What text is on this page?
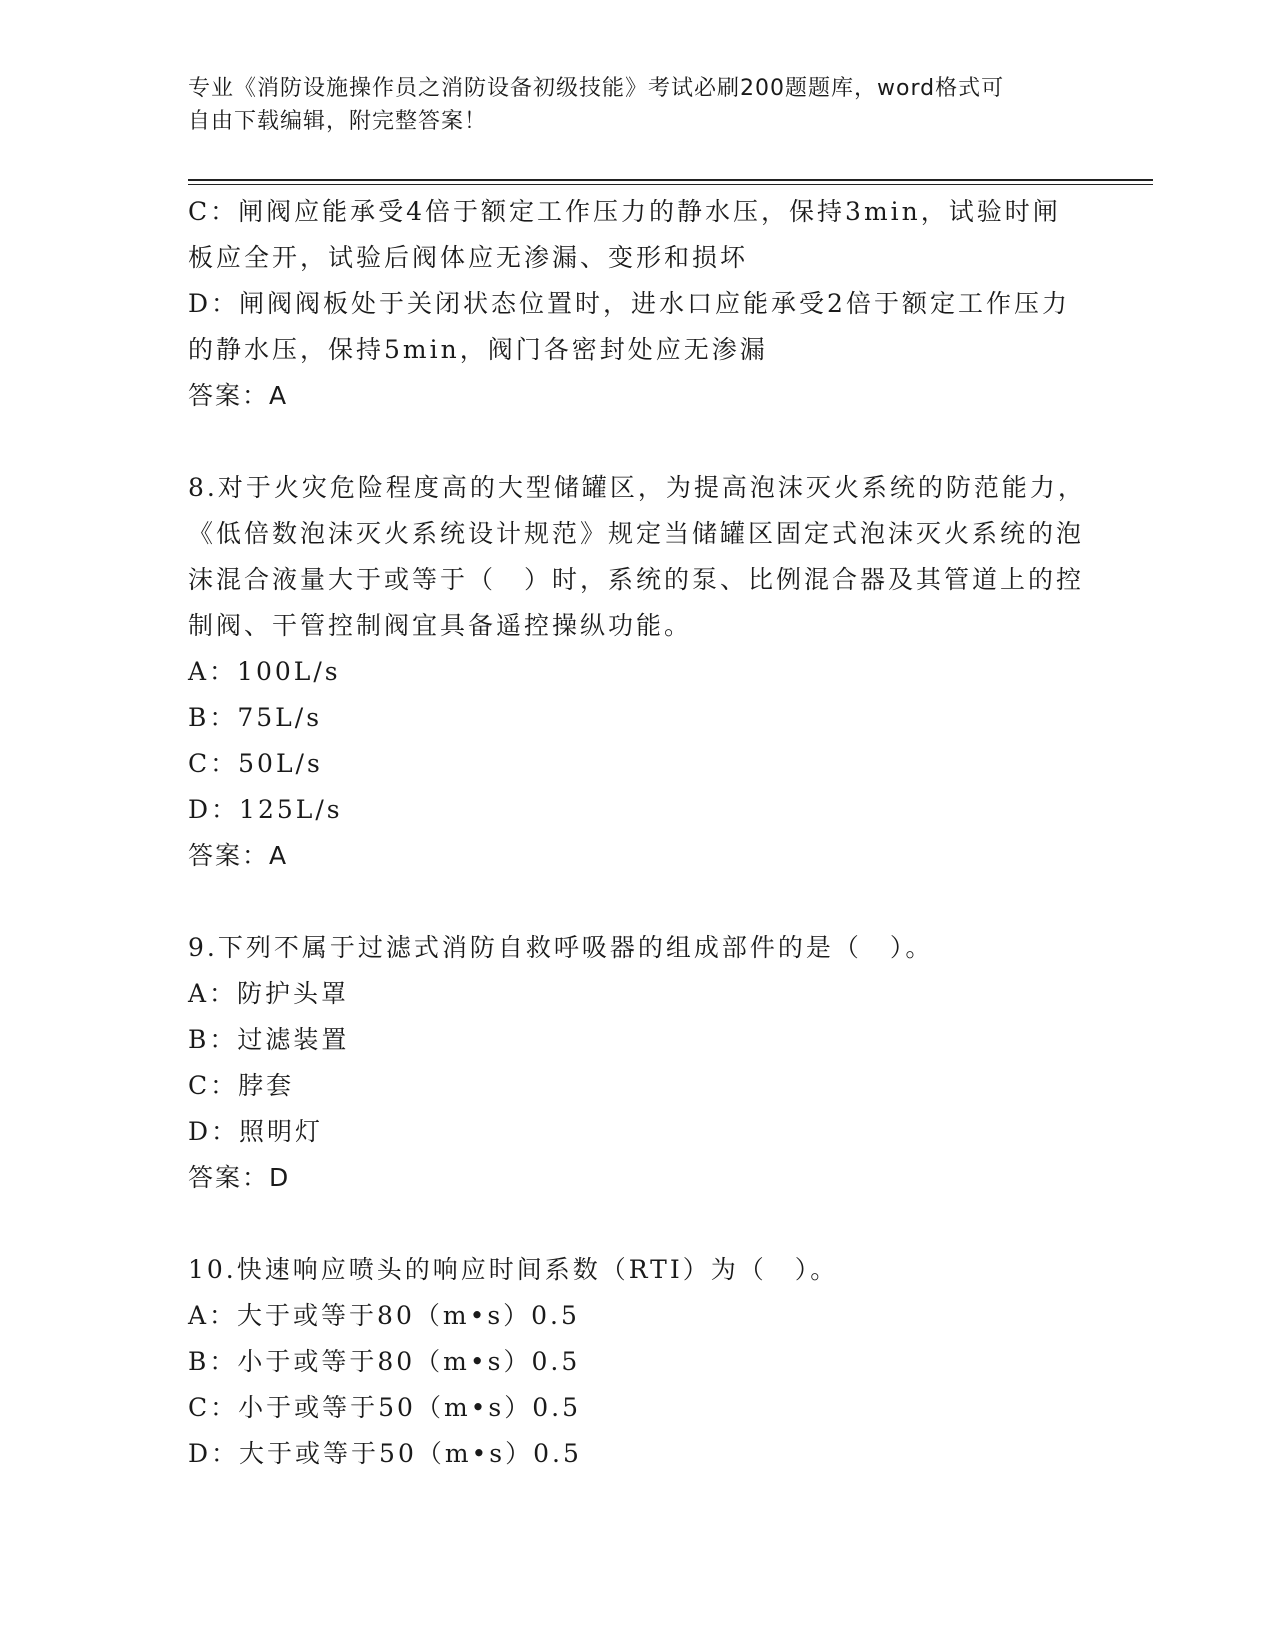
专业《消防设施操作员之消防设备初级技能》考试必刷200题题库，word格式可
自由下载编辑，附完整答案！

C：闸阀应能承受4倍于额定工作压力的静水压，保持3min，试验时闸板应全开，试验后阀体应无渗漏、变形和损坏

D：闸阀阀板处于关闭状态位置时，进水口应能承受2倍于额定工作压力的静水压，保持5min，阀门各密封处应无渗漏

答案：A

8.对于火灾危险程度高的大型储罐区，为提高泡沫灭火系统的防范能力，《低倍数泡沫灭火系统设计规范》规定当储罐区固定式泡沫灭火系统的泡沫混合液量大于或等于（　）时，系统的泵、比例混合器及其管道上的控制阀、干管控制阀宜具备遥控操纵功能。

A：100L/s

B：75L/s

C：50L/s

D：125L/s

答案：A

9.下列不属于过滤式消防自救呼吸器的组成部件的是（　）。

A：防护头罩

B：过滤装置

C：脖套

D：照明灯

答案：D

10.快速响应喷头的响应时间系数（RTI）为（　）。

A：大于或等于80（m•s）0.5

B：小于或等于80（m•s）0.5

C：小于或等于50（m•s）0.5

D：大于或等于50（m•s）0.5
